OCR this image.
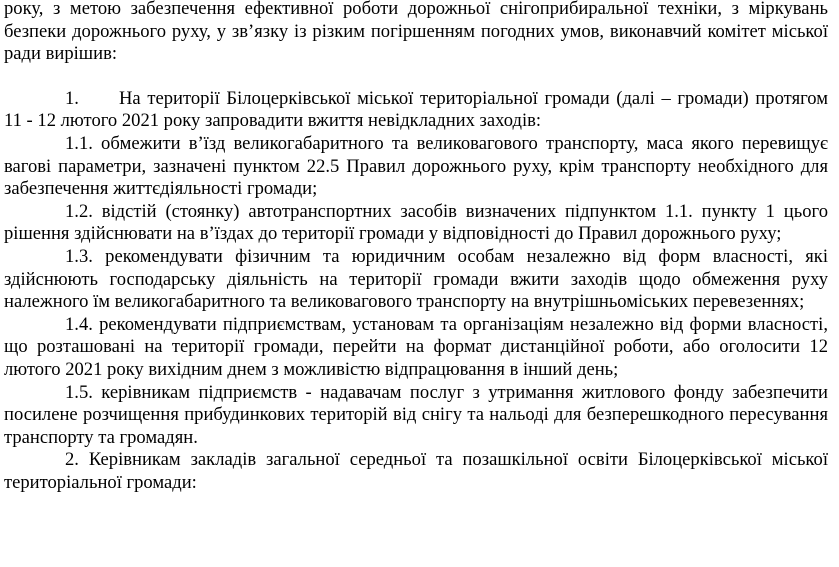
року, з метою забезпечення ефективної роботи дорожньої снігоприбиральної техніки, з міркувань безпеки дорожнього руху, у зв’язку із різким погіршенням погодних умов, виконавчий комітет міської ради вирішив:

1. На території Білоцерківської міської територіальної громади (далі – громади) протягом 11 - 12 лютого 2021 року запровадити вжиття невідкладних заходів:

1.1. обмежити в’їзд великогабаритного та великовагового транспорту, маса якого перевищує вагові параметри, зазначені пунктом 22.5 Правил дорожнього руху, крім транспорту необхідного для забезпечення життєдіяльності громади;

1.2. відстій (стоянку) автотранспортних засобів визначених підпунктом 1.1. пункту 1 цього рішення здійснювати на в’їздах до території громади у відповідності до Правил дорожнього руху;

1.3. рекомендувати фізичним та юридичним особам незалежно від форм власності, які здійснюють господарську діяльність на території громади вжити заходів щодо обмеження руху належного їм великогабаритного та великовагового транспорту на внутрішньоміських перевезеннях;

1.4. рекомендувати підприємствам, установам та організаціям незалежно від форми власності, що розташовані на території громади, перейти на формат дистанційної роботи, або оголосити 12 лютого 2021 року вихідним днем з можливістю відпрацювання в інший день;

1.5. керівникам підприємств - надавачам послуг з утримання житлового фонду забезпечити посилене розчищення прибудинкових територій від снігу та нальоді для безперешкодного пересування транспорту та громадян.

2. Керівникам закладів загальної середньої та позашкільної освіти Білоцерківської міської територіальної громади:
